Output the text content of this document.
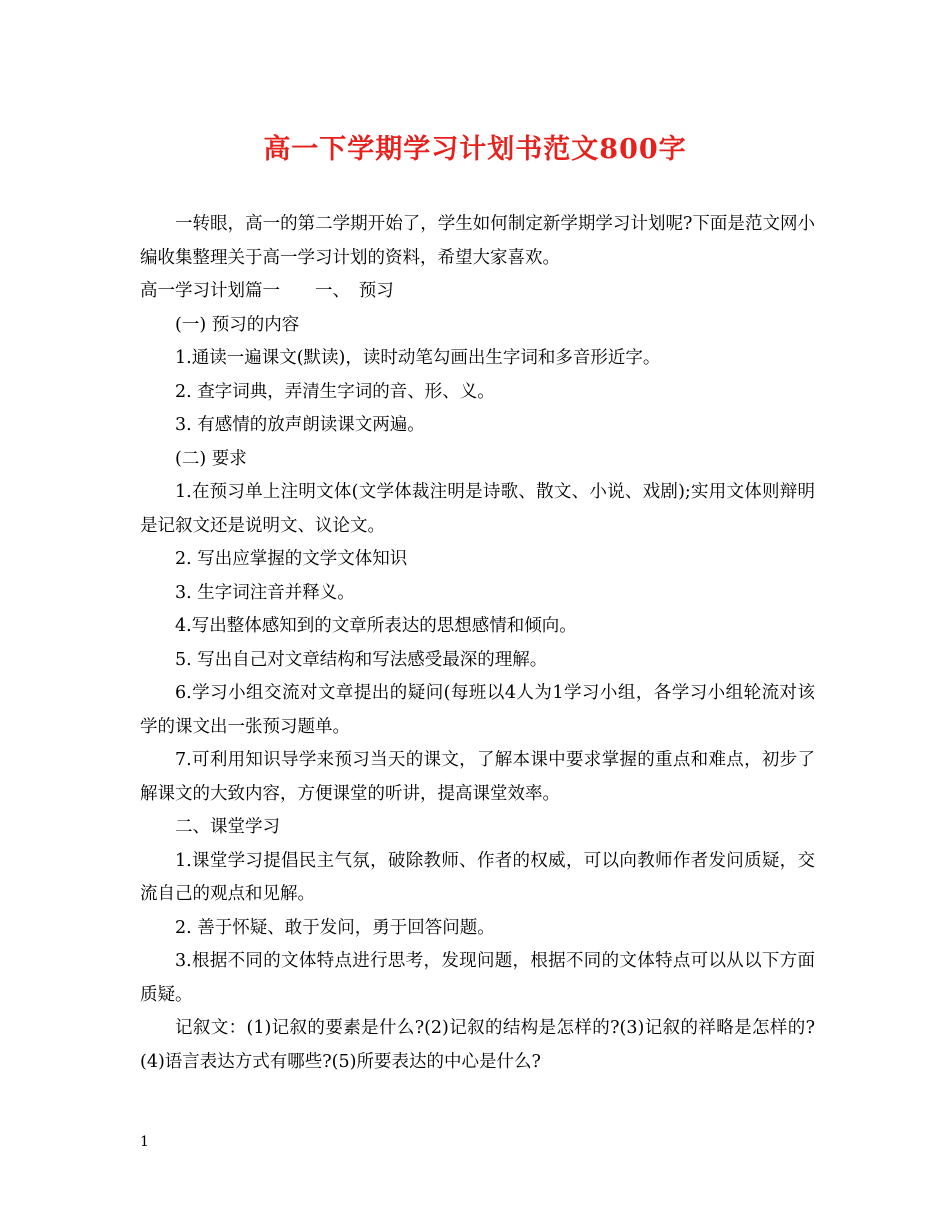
高一下学期学习计划书范文800字

一转眼，高一的第二学期开始了，学生如何制定新学期学习计划呢?下面是范文网小编收集整理关于高一学习计划的资料，希望大家喜欢。

高一学习计划篇一　　一、　预习

(一) 预习的内容

1.通读一遍课文(默读)，读时动笔勾画出生字词和多音形近字。

2. 查字词典，弄清生字词的音、形、义。

3. 有感情的放声朗读课文两遍。

(二) 要求

1.在预习单上注明文体(文学体裁注明是诗歌、散文、小说、戏剧);实用文体则辩明是记叙文还是说明文、议论文。

2. 写出应掌握的文学文体知识

3. 生字词注音并释义。

4.写出整体感知到的文章所表达的思想感情和倾向。

5. 写出自己对文章结构和写法感受最深的理解。

6.学习小组交流对文章提出的疑问(每班以4人为1学习小组，各学习小组轮流对该学的课文出一张预习题单。

7.可利用知识导学来预习当天的课文，了解本课中要求掌握的重点和难点，初步了解课文的大致内容，方便课堂的听讲，提高课堂效率。

二、课堂学习

1.课堂学习提倡民主气氛，破除教师、作者的权威，可以向教师作者发问质疑，交流自己的观点和见解。

2. 善于怀疑、敢于发问，勇于回答问题。

3.根据不同的文体特点进行思考，发现问题，根据不同的文体特点可以从以下方面质疑。

记叙文：(1)记叙的要素是什么?(2)记叙的结构是怎样的?(3)记叙的祥略是怎样的?(4)语言表达方式有哪些?(5)所要表达的中心是什么?

1
